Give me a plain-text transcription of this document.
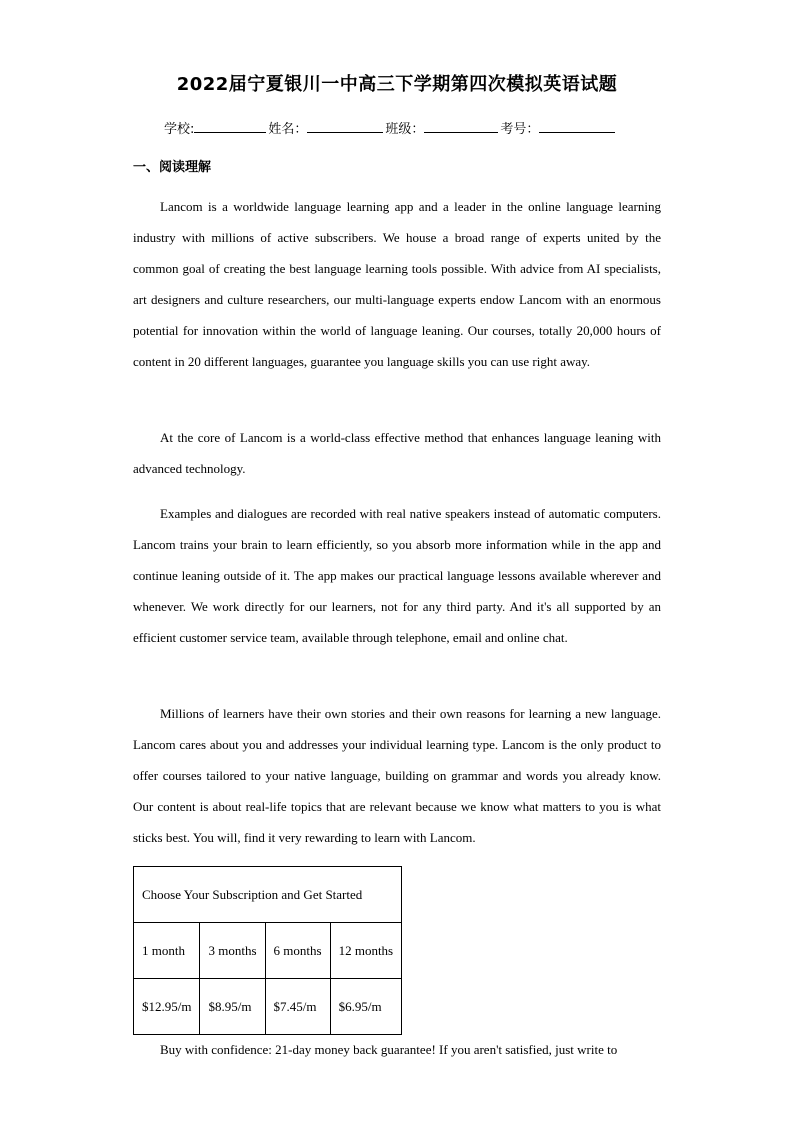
2022届宁夏银川一中高三下学期第四次模拟英语试题
学校:	姓名：	班级：	考号：
一、阅读理解

Lancom is a worldwide language learning app and a leader in the online language learning industry with millions of active subscribers. We house a broad range of experts united by the common goal of creating the best language learning tools possible. With advice from AI specialists, art designers and culture researchers, our multi-language experts endow Lancom with an enormous potential for innovation within the world of language leaning. Our courses, totally 20,000 hours of content in 20 different languages, guarantee you language skills you can use right away.

At the core of Lancom is a world-class effective method that enhances language leaning with advanced technology.

Examples and dialogues are recorded with real native speakers instead of automatic computers. Lancom trains your brain to learn efficiently, so you absorb more information while in the app and continue leaning outside of it. The app makes our practical language lessons available wherever and whenever. We work directly for our learners, not for any third party. And it's all supported by an efficient customer service team, available through telephone, email and online chat.

Millions of learners have their own stories and their own reasons for learning a new language. Lancom cares about you and addresses your individual learning type. Lancom is the only product to offer courses tailored to your native language, building on grammar and words you already know. Our content is about real-life topics that are relevant because we know what matters to you is what sticks best. You will, find it very rewarding to learn with Lancom.

Choose Your Subscription and Get Started			
1 month	3 months	6 months	12 months
$12.95/m	$8.95/m	$7.45/m	$6.95/m

Buy with confidence: 21-day money back guarantee! If you aren't satisfied, just write to
